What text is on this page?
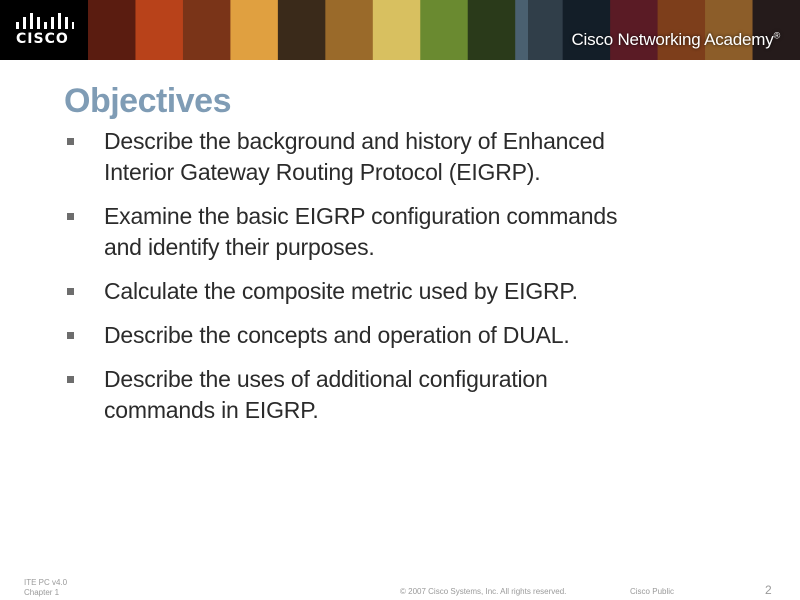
CISCO	Cisco Networking Academy®
Objectives
Describe the background and history of Enhanced
Interior Gateway Routing Protocol (EIGRP).
Examine the basic EIGRP configuration commands
and identify their purposes.
Calculate the composite metric used by EIGRP.
Describe the concepts and operation of DUAL.
Describe the uses of additional configuration
commands in EIGRP.
ITE PC v4.0
Chapter 1	© 2007 Cisco Systems, Inc. All rights reserved.	Cisco Public	2
